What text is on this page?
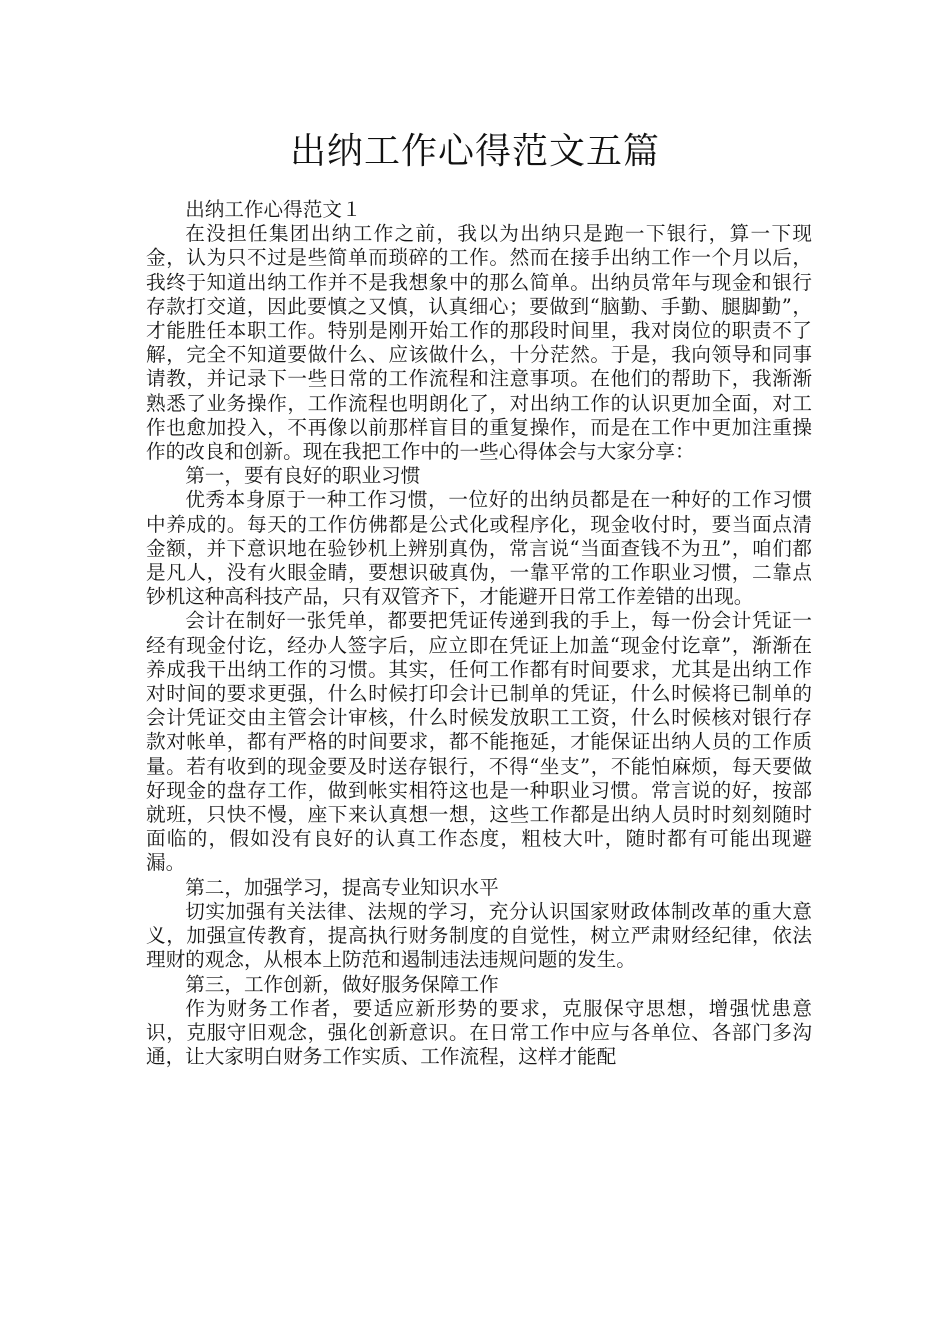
出纳工作心得范文五篇

出纳工作心得范文１

在没担任集团出纳工作之前，我以为出纳只是跑一下银行，算一下现金，认为只不过是些简单而琐碎的工作。然而在接手出纳工作一个月以后，我终于知道出纳工作并不是我想象中的那么简单。出纳员常年与现金和银行存款打交道，因此要慎之又慎，认真细心；要做到“脑勤、手勤、腿脚勤”，才能胜任本职工作。特别是刚开始工作的那段时间里，我对岗位的职责不了解，完全不知道要做什么、应该做什么，十分茫然。于是，我向领导和同事请教，并记录下一些日常的工作流程和注意事项。在他们的帮助下，我渐渐熟悉了业务操作，工作流程也明朗化了，对出纳工作的认识更加全面，对工作也愈加投入，不再像以前那样盲目的重复操作，而是在工作中更加注重操作的改良和创新。现在我把工作中的一些心得体会与大家分享：

第一，要有良好的职业习惯

优秀本身原于一种工作习惯，一位好的出纳员都是在一种好的工作习惯中养成的。每天的工作仿佛都是公式化或程序化，现金收付时，要当面点清金额，并下意识地在验钞机上辨别真伪，常言说“当面查钱不为丑”，咱们都是凡人，没有火眼金睛，要想识破真伪，一靠平常的工作职业习惯，二靠点钞机这种高科技产品，只有双管齐下，才能避开日常工作差错的出现。

会计在制好一张凭单，都要把凭证传递到我的手上，每一份会计凭证一经有现金付讫，经办人签字后，应立即在凭证上加盖“现金付讫章”，渐渐在养成我干出纳工作的习惯。其实，任何工作都有时间要求，尤其是出纳工作对时间的要求更强，什么时候打印会计已制单的凭证，什么时候将已制单的会计凭证交由主管会计审核，什么时候发放职工工资，什么时候核对银行存款对帐单，都有严格的时间要求，都不能拖延，才能保证出纳人员的工作质量。若有收到的现金要及时送存银行，不得“坐支”，不能怕麻烦，每天要做好现金的盘存工作，做到帐实相符这也是一种职业习惯。常言说的好，按部就班，只快不慢，座下来认真想一想，这些工作都是出纳人员时时刻刻随时面临的，假如没有良好的认真工作态度，粗枝大叶，随时都有可能出现避漏。

第二，加强学习，提高专业知识水平

切实加强有关法律、法规的学习，充分认识国家财政体制改革的重大意义，加强宣传教育，提高执行财务制度的自觉性，树立严肃财经纪律，依法理财的观念，从根本上防范和遏制违法违规问题的发生。

第三，工作创新，做好服务保障工作

作为财务工作者，要适应新形势的要求，克服保守思想，增强忧患意识，克服守旧观念，强化创新意识。在日常工作中应与各单位、各部门多沟通，让大家明白财务工作实质、工作流程，这样才能配
